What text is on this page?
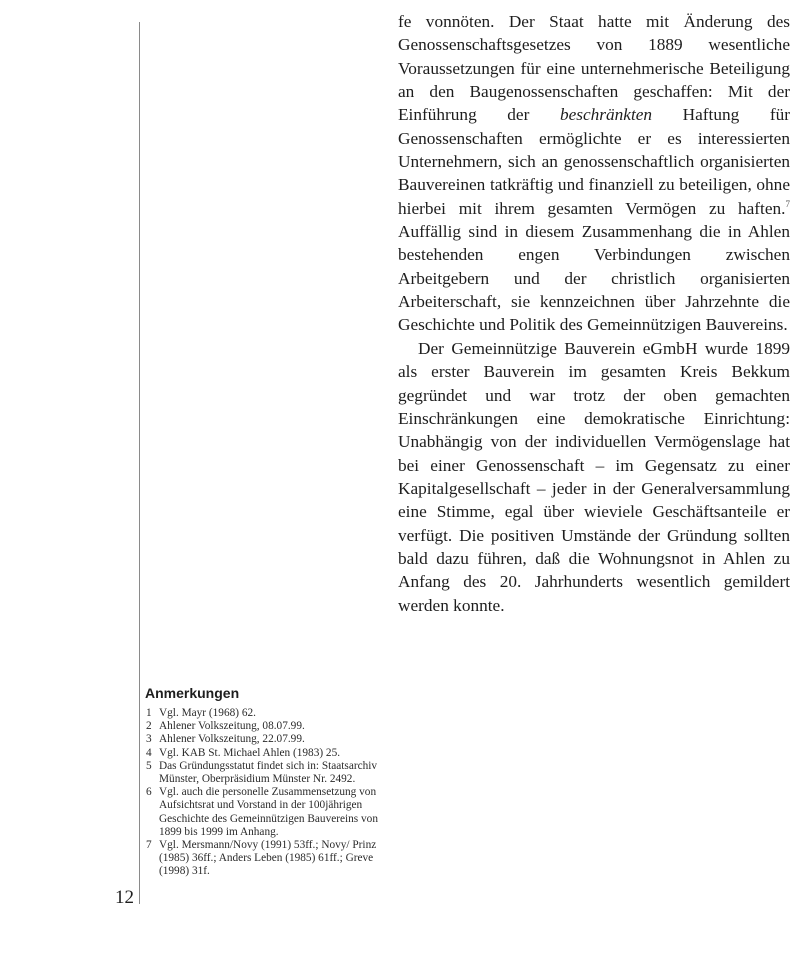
fe vonnöten. Der Staat hatte mit Änderung des Genossenschaftsgesetzes von 1889 wesentliche Voraussetzungen für eine unternehmerische Beteiligung an den Baugenossenschaften geschaffen: Mit der Einführung der beschränkten Haftung für Genossenschaften ermöglichte er es interessierten Unternehmern, sich an genossenschaftlich organisierten Bauvereinen tatkräftig und finanziell zu beteiligen, ohne hierbei mit ihrem gesamten Vermögen zu haften.$^7$ Auffällig sind in diesem Zusammenhang die in Ahlen bestehenden engen Verbindungen zwischen Arbeitgebern und der christlich organisierten Arbeiterschaft, sie kennzeichnen über Jahrzehnte die Geschichte und Politik des Gemeinnützigen Bauvereins.

Der Gemeinnützige Bauverein eGmbH wurde 1899 als erster Bauverein im gesamten Kreis Bekkum gegründet und war trotz der oben gemachten Einschränkungen eine demokratische Einrichtung: Unabhängig von der individuellen Vermögenslage hat bei einer Genossenschaft – im Gegensatz zu einer Kapitalgesellschaft – jeder in der Generalversammlung eine Stimme, egal über wieviele Geschäftsanteile er verfügt. Die positiven Umstände der Gründung sollten bald dazu führen, daß die Wohnungsnot in Ahlen zu Anfang des 20. Jahrhunderts wesentlich gemildert werden konnte.

Anmerkungen
1 Vgl. Mayr (1968) 62.
2 Ahlener Volkszeitung, 08.07.99.
3 Ahlener Volkszeitung, 22.07.99.
4 Vgl. KAB St. Michael Ahlen (1983) 25.
5 Das Gründungsstatut findet sich in: Staatsarchiv Münster, Oberpräsidium Münster Nr. 2492.
6 Vgl. auch die personelle Zusammensetzung von Aufsichtsrat und Vorstand in der 100jährigen Geschichte des Gemeinnützigen Bauvereins von 1899 bis 1999 im Anhang.
7 Vgl. Mersmann/Novy (1991) 53ff.; Novy/ Prinz (1985) 36ff.; Anders Leben (1985) 61ff.; Greve (1998) 31f.
12
